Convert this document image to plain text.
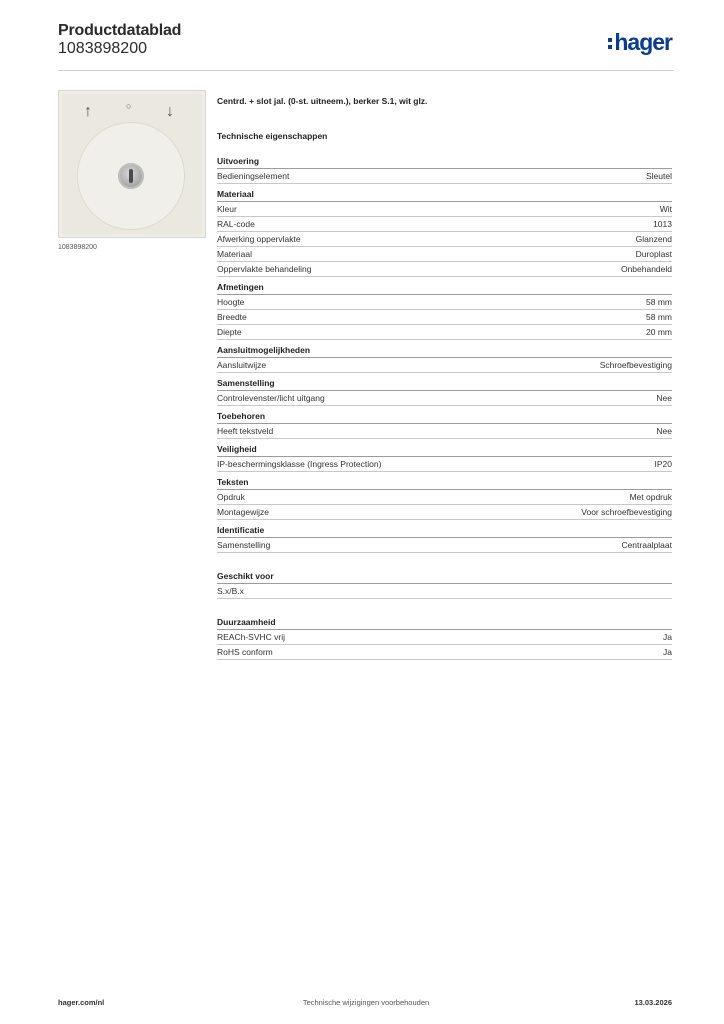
Productdatablad
1083898200	hager
↑	○ ↓
1083898200
Centrd. + slot jal. (0-st. uitneem.), berker S.1, wit glz.
Technische eigenschappen
Uitvoering
Bedieningselement	Sleutel
Materiaal
Kleur	Wit
RAL-code	1013
Afwerking oppervlakte	Glanzend
Materiaal	Duroplast
Oppervlakte behandeling	Onbehandeld
Afmetingen
Hoogte	58 mm
Breedte	58 mm
Diepte	20 mm
Aansluitmogelijkheden
Aansluitwijze	Schroefbevestiging
Samenstelling
Controlevenster/licht uitgang	Nee
Toebehoren
Heeft tekstveld	Nee
Veiligheid
IP-beschermingsklasse (Ingress Protection)	IP20
Teksten
Opdruk	Met opdruk
Montagewijze	Voor schroefbevestiging
Identificatie
Samenstelling	Centraalplaat
Geschikt voor
S.x/B.x
Duurzaamheid
REACh-SVHC vrij	Ja
RoHS conform	Ja
hager.com/nl	Technische wijzigingen voorbehouden	13.03.2026
